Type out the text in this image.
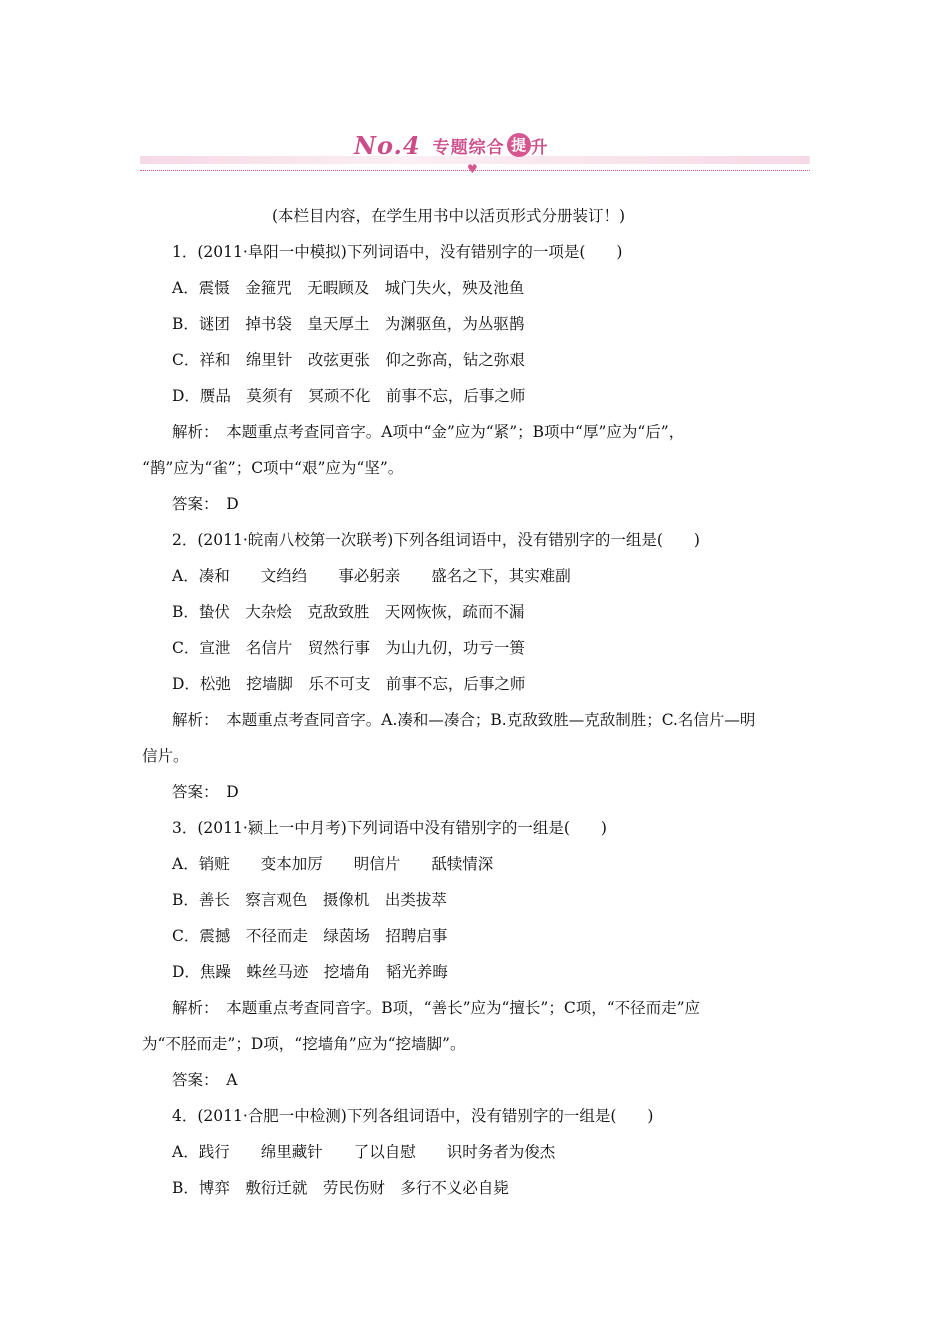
No.4 专题综合 提 升
♥
(本栏目内容，在学生用书中以活页形式分册装订！)
1．(2011·阜阳一中模拟)下列词语中，没有错别字的一项是(　　)
A．震慑　金箍咒　无暇顾及　城门失火，殃及池鱼
B．谜团　掉书袋　皇天厚土　为渊驱鱼，为丛驱鹊
C．祥和　绵里针　改弦更张　仰之弥高，钻之弥艰
D．赝品　莫须有　冥顽不化　前事不忘，后事之师
解析：　本题重点考查同音字。A项中“金”应为“紧”；B项中“厚”应为“后”，
“鹊”应为“雀”；C项中“艰”应为“坚”。
答案：　D
2．(2011·皖南八校第一次联考)下列各组词语中，没有错别字的一组是(　　)
A．凑和　　文绉绉　　事必躬亲　　盛名之下，其实难副
B．蛰伏　大杂烩　克敌致胜　天网恢恢，疏而不漏
C．宣泄　名信片　贸然行事　为山九仞，功亏一篑
D．松弛　挖墙脚　乐不可支　前事不忘，后事之师
解析：　本题重点考查同音字。A.凑和—凑合；B.克敌致胜—克敌制胜；C.名信片—明
信片。
答案：　D
3．(2011·颍上一中月考)下列词语中没有错别字的一组是(　　)
A．销赃　　变本加厉　　明信片　　舐犊情深
B．善长　察言观色　摄像机　出类拔萃
C．震撼　不径而走　绿茵场　招聘启事
D．焦躁　蛛丝马迹　挖墙角　韬光养晦
解析：　本题重点考查同音字。B项，“善长”应为“擅长”；C项，“不径而走”应
为“不胫而走”；D项，“挖墙角”应为“挖墙脚”。
答案：　A
4．(2011·合肥一中检测)下列各组词语中，没有错别字的一组是(　　)
A．践行　　绵里藏针　　了以自慰　　识时务者为俊杰
B．博弈　敷衍迁就　劳民伤财　多行不义必自毙
